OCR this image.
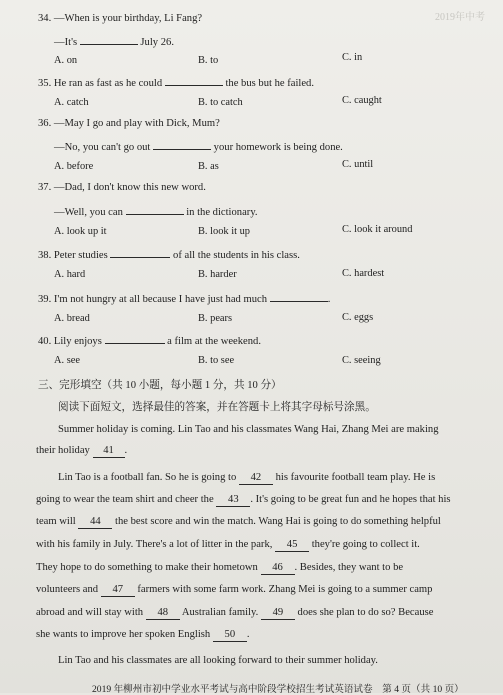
2019年中考
34. —When is your birthday, Li Fang?
—It's	July 26.
A. on	B. to	C. in
35. He ran as fast as he could	the bus but he failed.
A. catch	B. to catch	C. caught
36. —May I go and play with Dick, Mum?
—No, you can't go out	your homework is being done.
A. before	B. as	C. until
37. —Dad, I don't know this new word.
—Well, you can	in the dictionary.
A. look up it	B. look it up	C. look it around
38. Peter studies	of all the students in his class.
A. hard	B. harder	C. hardest
39. I'm not hungry at all because I have just had much	.
A. bread	B. pears	C. eggs
40. Lily enjoys	a film at the weekend.
A. see	B. to see	C. seeing
三、完形填空（共 10 小题，每小题 1 分，共 10 分）
阅读下面短文，选择最佳的答案，并在答题卡上将其字母标号涂黑。
Summer holiday is coming. Lin Tao and his classmates Wang Hai, Zhang Mei are making
their holiday 41 .
Lin Tao is a football fan. So he is going to 42 his favourite football team play. He is
going to wear the team shirt and cheer the 43 . It's going to be great fun and he hopes that his
team will 44 the best score and win the match. Wang Hai is going to do something helpful
with his family in July. There's a lot of litter in the park, 45 they're going to collect it.
They hope to do something to make their hometown 46 . Besides, they want to be
volunteers and 47 farmers with some farm work. Zhang Mei is going to a summer camp
abroad and will stay with 48 Australian family. 49 does she plan to do so? Because
she wants to improve her spoken English 50 .
Lin Tao and his classmates are all looking forward to their summer holiday.
2019 年柳州市初中学业水平考试与高中阶段学校招生考试英语试卷　第 4 页（共 10 页）
